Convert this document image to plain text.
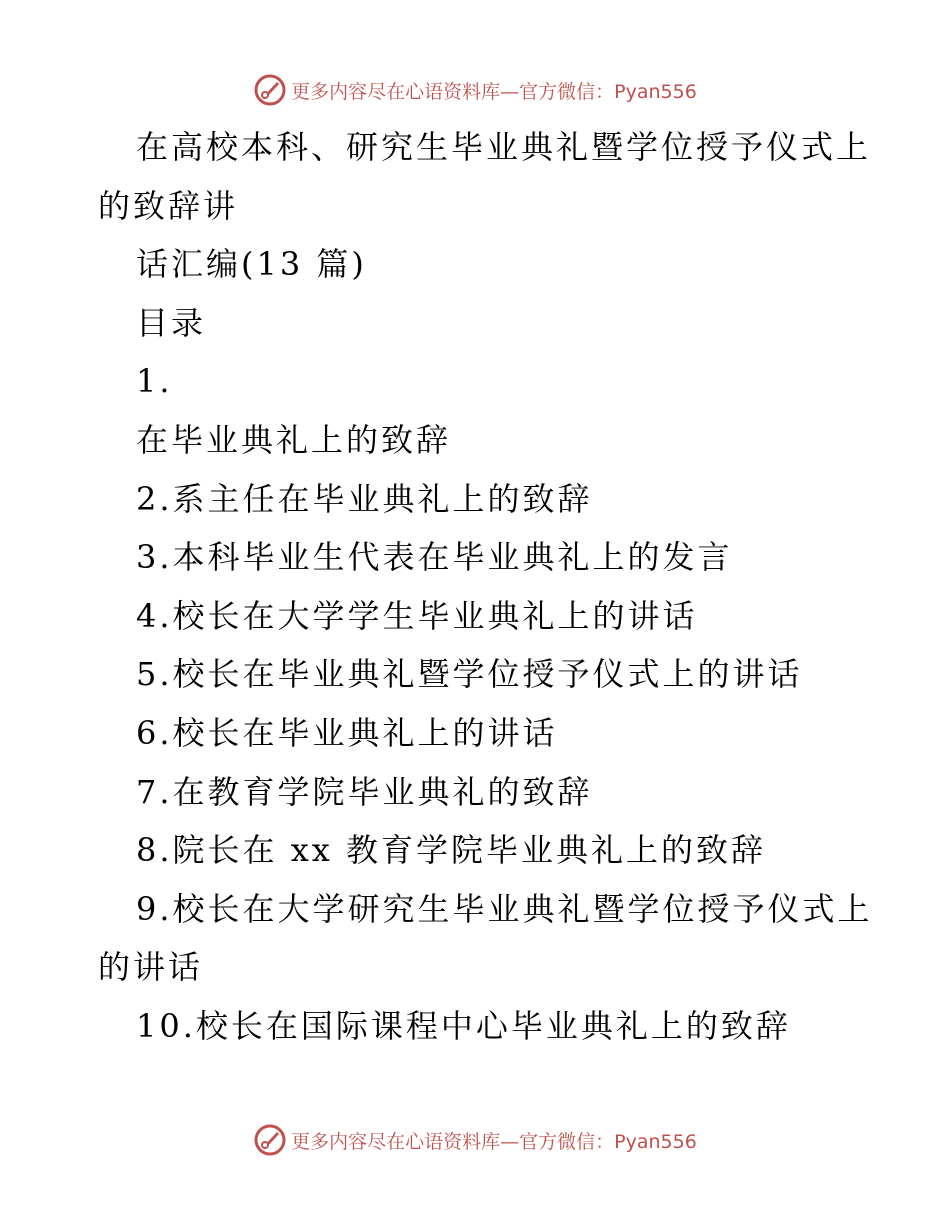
更多内容尽在心语资料库—官方微信：Pyan556
在高校本科、研究生毕业典礼暨学位授予仪式上
的致辞讲
话汇编(13 篇)
目录
1.
在毕业典礼上的致辞
2.系主任在毕业典礼上的致辞
3.本科毕业生代表在毕业典礼上的发言
4.校长在大学学生毕业典礼上的讲话
5.校长在毕业典礼暨学位授予仪式上的讲话
6.校长在毕业典礼上的讲话
7.在教育学院毕业典礼的致辞
8.院长在 xx 教育学院毕业典礼上的致辞
9.校长在大学研究生毕业典礼暨学位授予仪式上
的讲话
10.校长在国际课程中心毕业典礼上的致辞
更多内容尽在心语资料库—官方微信：Pyan556
